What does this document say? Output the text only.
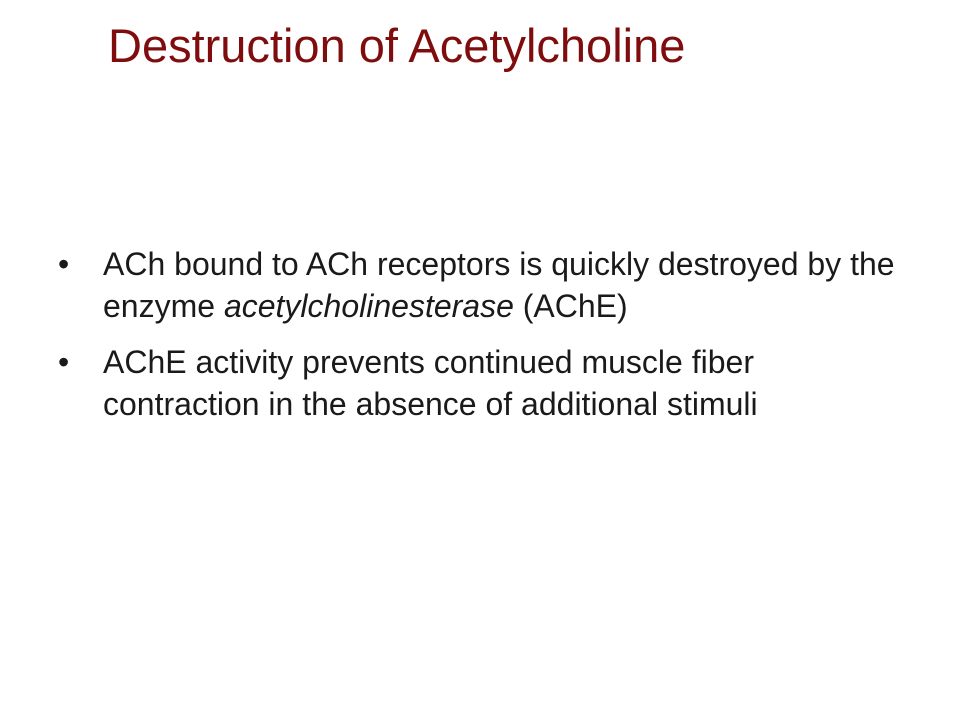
Destruction of Acetylcholine
• ACh bound to ACh receptors is quickly destroyed by the enzyme acetylcholinesterase (AChE)
• AChE activity prevents continued muscle fiber contraction in the absence of additional stimuli
